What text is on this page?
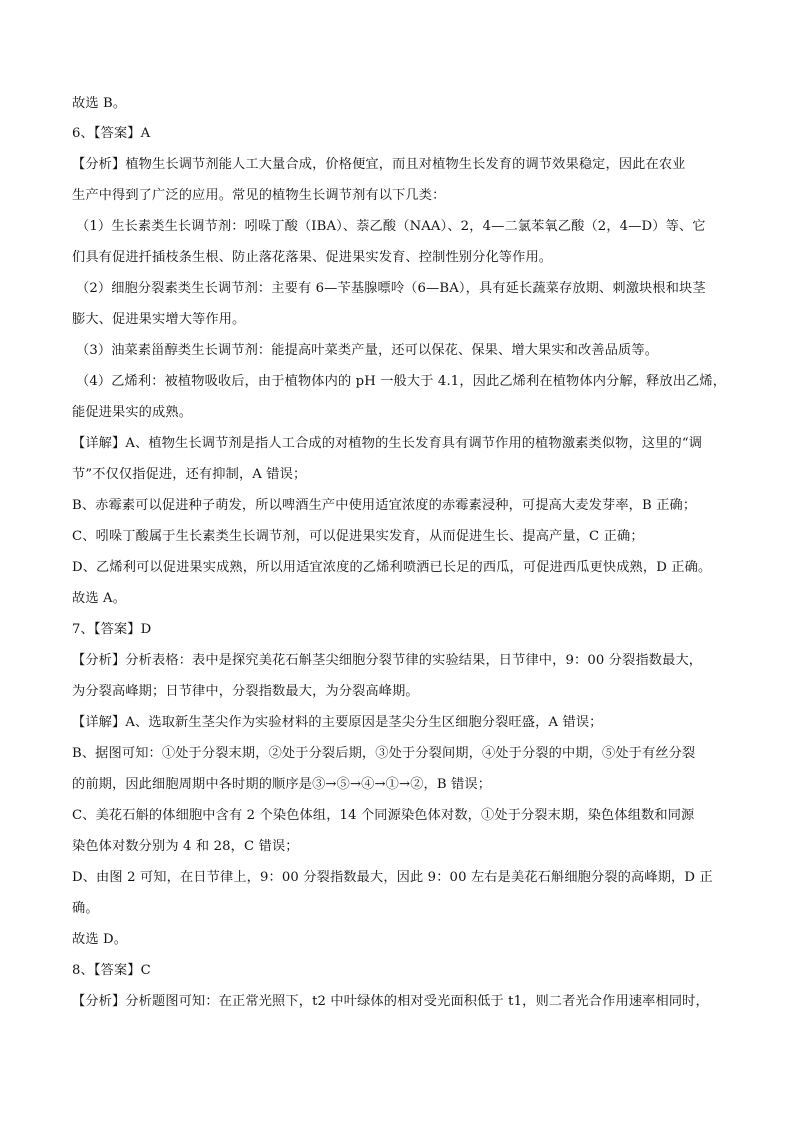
故选 B。
6、【答案】A
【分析】植物生长调节剂能人工大量合成，价格便宜，而且对植物生长发育的调节效果稳定，因此在农业
生产中得到了广泛的应用。常见的植物生长调节剂有以下几类：
（1）生长素类生长调节剂：吲哚丁酸（IBA）、萘乙酸（NAA）、2，4—二氯苯氧乙酸（2，4—D）等、它
们具有促进扦插枝条生根、防止落花落果、促进果实发育、控制性别分化等作用。
（2）细胞分裂素类生长调节剂：主要有 6—苄基腺嘌呤（6—BA），具有延长蔬菜存放期、刺激块根和块茎
膨大、促进果实增大等作用。
（3）油菜素甾醇类生长调节剂：能提高叶菜类产量，还可以保花、保果、增大果实和改善品质等。
（4）乙烯利：被植物吸收后，由于植物体内的 pH 一般大于 4.1，因此乙烯利在植物体内分解，释放出乙烯，
能促进果实的成熟。
【详解】A、植物生长调节剂是指人工合成的对植物的生长发育具有调节作用的植物激素类似物，这里的“调
节”不仅仅指促进，还有抑制，A 错误；
B、赤霉素可以促进种子萌发，所以啤酒生产中使用适宜浓度的赤霉素浸种，可提高大麦发芽率，B 正确；
C、吲哚丁酸属于生长素类生长调节剂，可以促进果实发育，从而促进生长、提高产量，C 正确；
D、乙烯利可以促进果实成熟，所以用适宜浓度的乙烯利喷洒已长足的西瓜，可促进西瓜更快成熟，D 正确。
故选 A。
7、【答案】D
【分析】分析表格：表中是探究美花石斛茎尖细胞分裂节律的实验结果，日节律中，9：00 分裂指数最大，
为分裂高峰期；日节律中，分裂指数最大，为分裂高峰期。
【详解】A、选取新生茎尖作为实验材料的主要原因是茎尖分生区细胞分裂旺盛，A 错误；
B、据图可知：①处于分裂末期，②处于分裂后期，③处于分裂间期，④处于分裂的中期，⑤处于有丝分裂
的前期，因此细胞周期中各时期的顺序是③→⑤→④→①→②，B 错误；
C、美花石斛的体细胞中含有 2 个染色体组，14 个同源染色体对数，①处于分裂末期，染色体组数和同源
染色体对数分别为 4 和 28，C 错误；
D、由图 2 可知，在日节律上，9：00 分裂指数最大，因此 9：00 左右是美花石斛细胞分裂的高峰期，D 正
确。
故选 D。
8、【答案】C
【分析】分析题图可知：在正常光照下，t2 中叶绿体的相对受光面积低于 t1，则二者光合作用速率相同时，
